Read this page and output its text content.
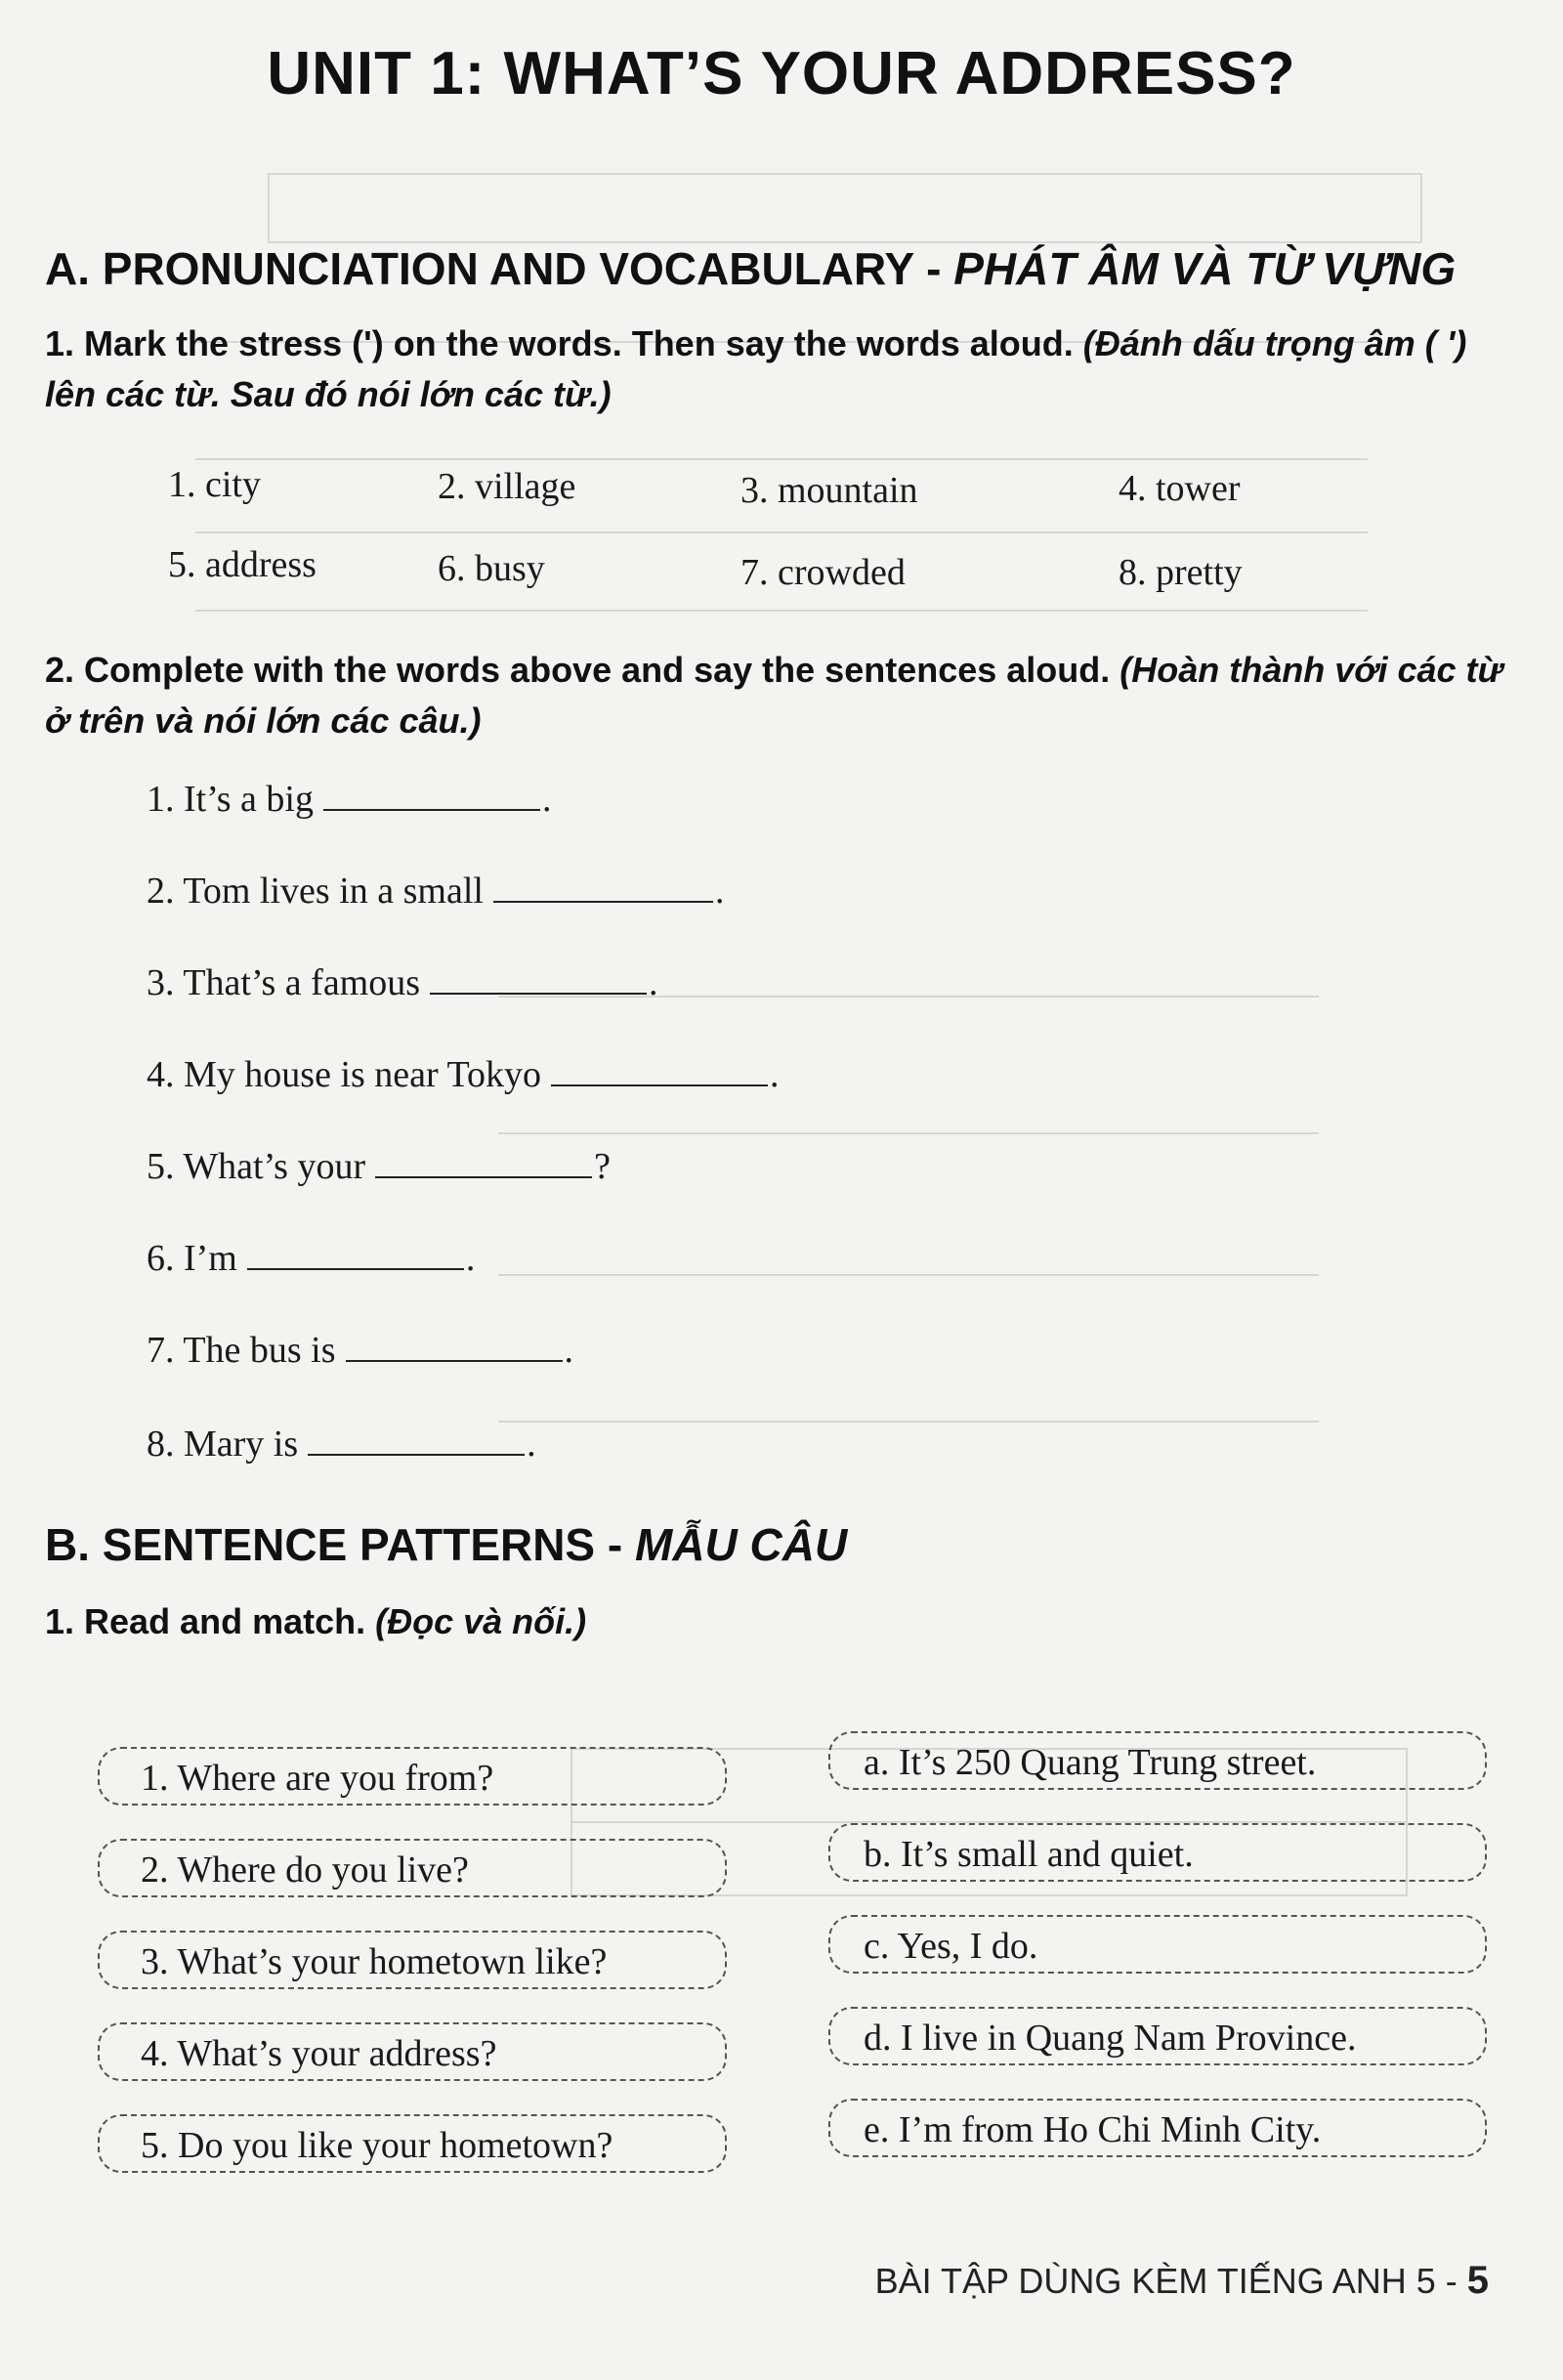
UNIT 1: WHAT’S YOUR ADDRESS?
A. PRONUNCIATION AND VOCABULARY - PHÁT ÂM VÀ TỪ VỰNG
1. Mark the stress (') on the words. Then say the words aloud. (Đánh dấu trọng âm ( ') lên các từ. Sau đó nói lớn các từ.)
1. city	2. village	3. mountain	4. tower
5. address	6. busy	7. crowded	8. pretty
2. Complete with the words above and say the sentences aloud. (Hoàn thành với các từ ở trên và nói lớn các câu.)
1. It’s a big	.
2. Tom lives in a small	.
3. That’s a famous	.
4. My house is near Tokyo	.
5. What’s your	?
6. I’m	.
7. The bus is	.
8. Mary is	.
B. SENTENCE PATTERNS - MẪU CÂU
1. Read and match. (Đọc và nối.)
1. Where are you from?
2. Where do you live?
3. What’s your hometown like?
4. What’s your address?
5. Do you like your hometown?
a. It’s 250 Quang Trung street.
b. It’s small and quiet.
c. Yes, I do.
d. I live in Quang Nam Province.
e. I’m from Ho Chi Minh City.
BÀI TẬP DÙNG KÈM TIẾNG ANH 5 - 5
